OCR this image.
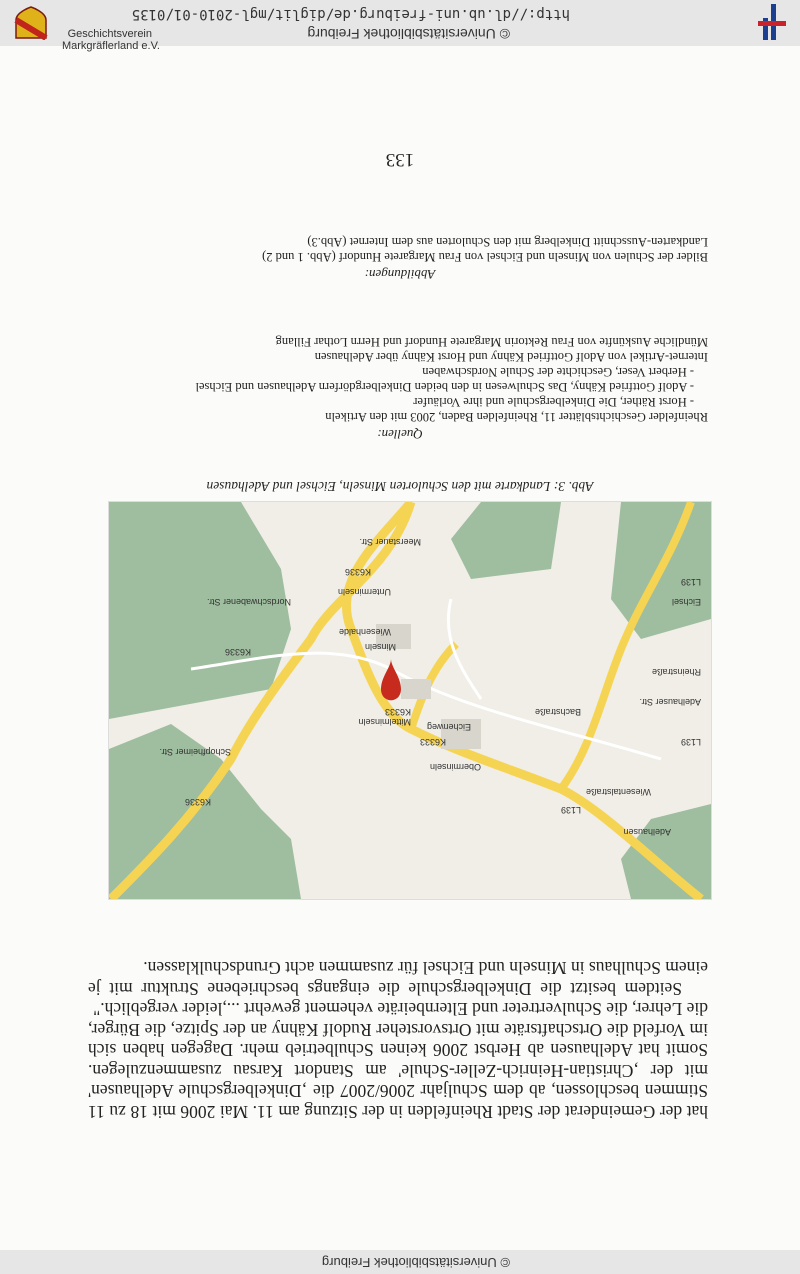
© Universitätsbibliothek Freiburg

hat der Gemeinderat der Stadt Rheinfelden in der Sitzung am 11. Mai 2006 mit 18 zu 11 Stimmen beschlossen, ab dem Schuljahr 2006/2007 die ‚Dinkelbergschule Adelhausen' mit der ‚Christian-Heinrich-Zeller-Schule' am Standort Karsau zusammenzulegen. Somit hat Adelhausen ab Herbst 2006 keinen Schulbetrieb mehr. Dagegen haben sich im Vorfeld die Ortschaftsräte mit Ortsvorsteher Rudolf Kähny an der Spitze, die Bürger, die Lehrer, die Schulvertreter und Elternbeiräte vehement gewehrt ...,leider vergeblich."

Seitdem besitzt die Dinkelbergschule die eingangs beschriebene Struktur mit je einem Schulhaus in Minseln und Eichsel für zusammen acht Grundschulklassen.

Adelhausen
Oberminseln
Mittelminseln
Minseln
Unterminseln
Eichsel
L139
L139
L139
K6333
K6333
K6336
K6336
K6336
Schopfheimer Str.
Nordschwabener Str.
Meerstauer Str.
Adelhauser Str.
Rheinstraße
Wiesentalstraße
Eichenweg
Bachstraße
Wiesenhalde
Abb. 3: Landkarte mit den Schulorten Minseln, Eichsel und Adelhausen
Quellen:
Rheinfelder Geschichtsblätter 11, Rheinfelden Baden, 2003 mit den Artikeln
- Horst Räther, Die Dinkelbergschule und ihre Vorläufer
- Adolf Gottfried Kähny, Das Schulwesen in den beiden Dinkelbergdörfern Adelhausen und Eichsel
- Herbert Veser, Geschichte der Schule Nordschwaben
Internet-Artikel von Adolf Gottfried Kähny und Horst Kähny über Adelhausen
Mündliche Auskünfte von Frau Rektorin Margarete Hundorf und Herrn Lothar Fillang
Abbildungen:
Bilder der Schulen von Minseln und Eichsel von Frau Margarete Hundorf (Abb. 1 und 2)
Landkarten-Ausschnitt Dinkelberg mit den Schulorten aus dem Internet (Abb.3)
133
Geschichtsverein
Markgräflerland e.V.
© Universitätsbibliothek Freiburg
http://dl.ub.uni-freiburg.de/diglit/mgl-2010-01/0135
